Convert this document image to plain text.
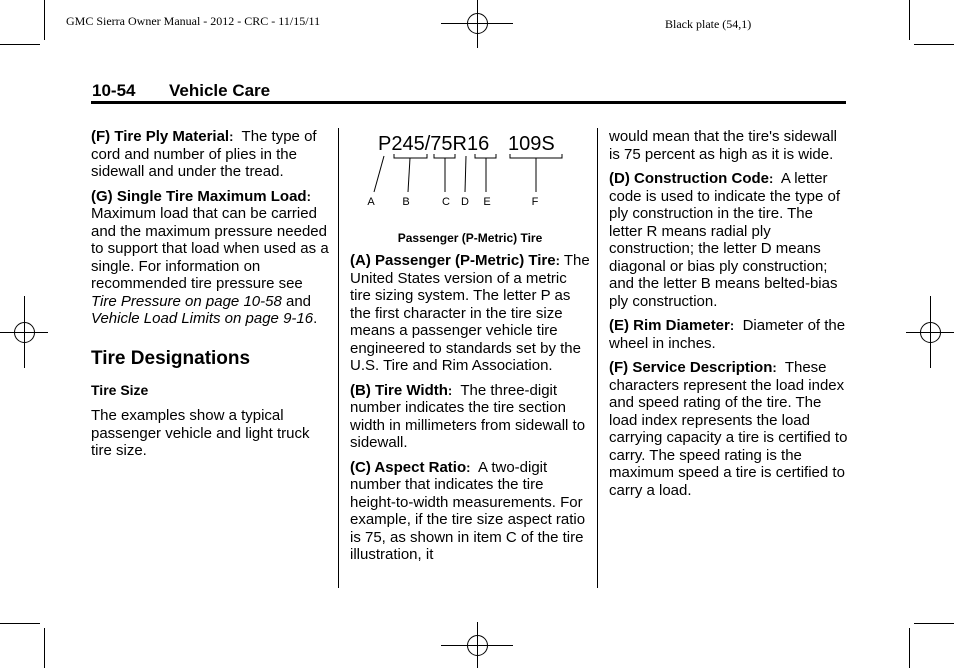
GMC Sierra Owner Manual - 2012 - CRC - 11/15/11	Black plate (54,1)
10-54 Vehicle Care

(F) Tire Ply Material: The type of cord and number of plies in the sidewall and under the tread.

(G) Single Tire Maximum Load:  Maximum load that can be carried and the maximum pressure needed to support that load when used as a single. For information on recommended tire pressure see Tire Pressure on page 10-58 and Vehicle Load Limits on page 9-16.

Tire Designations

Tire Size

The examples show a typical passenger vehicle and light truck tire size.

P245/75R16 109S
A	B	C D E	F
Passenger (P-Metric) Tire

(A) Passenger (P-Metric) Tire: The United States version of a metric tire sizing system. The letter P as the first character in the tire size means a passenger vehicle tire engineered to standards set by the U.S. Tire and Rim Association.

(B) Tire Width: The three-digit number indicates the tire section width in millimeters from sidewall to sidewall.

(C) Aspect Ratio: A two-digit number that indicates the tire height-to-width measurements. For example, if the tire size aspect ratio is 75, as shown in item C of the tire illustration, it

would mean that the tire's sidewall is 75 percent as high as it is wide.

(D) Construction Code: A letter code is used to indicate the type of ply construction in the tire. The letter R means radial ply construction; the letter D means diagonal or bias ply construction; and the letter B means belted-bias ply construction.

(E) Rim Diameter: Diameter of the wheel in inches.

(F) Service Description: These characters represent the load index and speed rating of the tire. The load index represents the load carrying capacity a tire is certified to carry. The speed rating is the maximum speed a tire is certified to carry a load.
